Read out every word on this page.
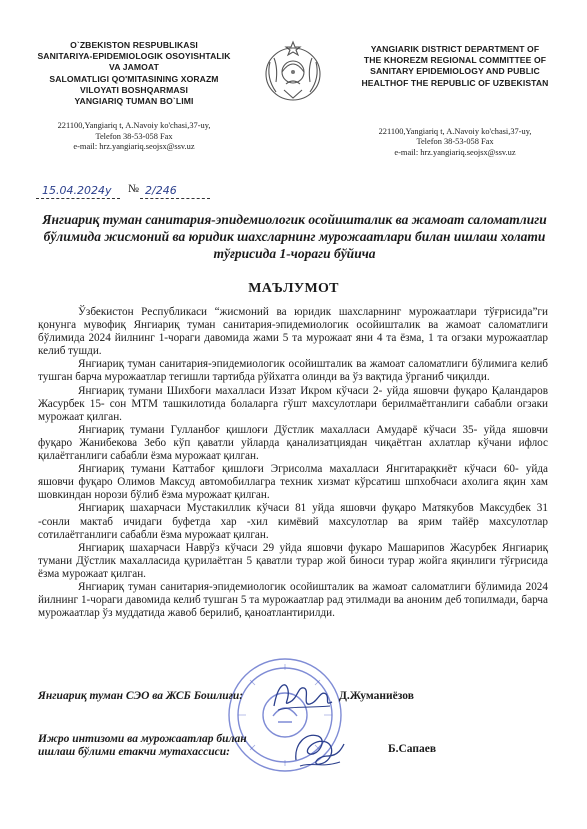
O`ZBEKISTON RESPUBLIKASI
SANITARIYA-EPIDEMIOLOGIK OSOYISHTALIK
VA JAMOAT
SALOMATLIGI QO'MITASINING XORAZM
VILOYATI BOSHQARMASI
YANGIARIQ TUMAN BO`LIMI
221100,Yangiariq t, A.Navoiy ko'chasi,37-uy,
Telefon 38-53-058 Fax
e-mail: hrz.yangiariq.seojsx@ssv.uz
YANGIARIK DISTRICT DEPARTMENT OF
THE KHOREZM REGIONAL COMMITTEE OF
SANITARY EPIDEMIOLOGY AND PUBLIC
HEALTHOF THE REPUBLIC OF UZBEKISTAN
221100,Yangiariq t, A.Navoiy ko'chasi,37-uy,
Telefon 38-53-058 Fax
e-mail: hrz.yangiariq.seojsx@ssv.uz
15.04.2024у № 2/246
Янгиариқ туман санитария-эпидемиологик осойишталик ва жамоат саломатлиги бўлимида жисмоний ва юридик шахсларнинг мурожаатлари билан ишлаш холати тўғрисида 1-чораги бўйича
МАЪЛУМОТ

Ўзбекистон Республикаси “жисмоний ва юридик шахсларнинг мурожаатлари тўғрисида”ги қонунга мувофиқ Янгиариқ туман санитария-эпидемиологик осойишталик ва жамоат саломатлиги бўлимида 2024 йилнинг 1-чораги давомида жами 5 та мурожаат яни 4 та ёзма, 1 та огзаки мурожаатлар келиб тушди.

Янгиариқ туман санитария-эпидемиологик осойишталик ва жамоат саломатлиги бўлимига келиб тушган барча мурожаатлар тегишли тартибда рўйхатга олинди ва ўз вақтида ўрганиб чиқилди.

Янгиариқ тумани Шихбоғи махалласи Иззат Икром кўчаси 2- уйда яшовчи фуқаро Қаландаров Жасурбек 15- сон МТМ ташкилотида болаларга гўшт махсулотлари берилмаётганлиги сабабли огзаки мурожаат қилган.

Янгиариқ тумани Гулланбоғ қишлоғи Дўстлик махалласи Амударё кўчаси 35- уйда яшовчи фуқаро Жанибекова Зебо кўп қаватли уйларда қанализатциядан чиқаётган ахлатлар кўчани ифлос қилаётганлиги сабабли ёзма мурожаат қилган.

Янгиариқ тумани Каттабоғ қишлоғи Эгрисолма махалласи Янгитарақкиёт кўчаси 60- уйда яшовчи фуқаро Олимов Максуд автомобиллагра техник хизмат кўрсатиш шпхобчаси ахолига яқин хам шовкиндан норози бўлиб ёзма мурожаат қилган.

Янгиариқ шахарчаси Мустакиллик кўчаси 81 уйда яшовчи фуқаро Матякубов Максудбек 31 -сонли мактаб ичидаги буфетда хар -хил кимёвий махсулотлар ва ярим тайёр махсулотлар сотилаётганлиги сабабли ёзма мурожаат қилган.

Янгиариқ шахарчаси Наврўз кўчаси 29 уйда яшовчи фукаро Машарипов Жасурбек Янгиариқ тумани Дўстлик махалласида қурилаётган 5 қаватли турар жой биноси турар жойга яқинлиги тўғрисида ёзма мурожаат қилган.

Янгиариқ туман санитария-эпидемиологик осойишталик ва жамоат саломатлиги бўлимида 2024 йилнинг 1-чораги давомида келиб тушган 5 та мурожаатлар рад этилмади ва аноним деб топилмади, барча мурожаатлар ўз муддатида жавоб берилиб, қаноатлантирилди.

Янгиариқ туман СЭО ва ЖСБ Бошлиғи:	Д.Жуманиёзов
Ижро интизоми ва мурожаатлар билан
ишлаш бўлими етакчи мутахассиси:	Б.Сапаев
